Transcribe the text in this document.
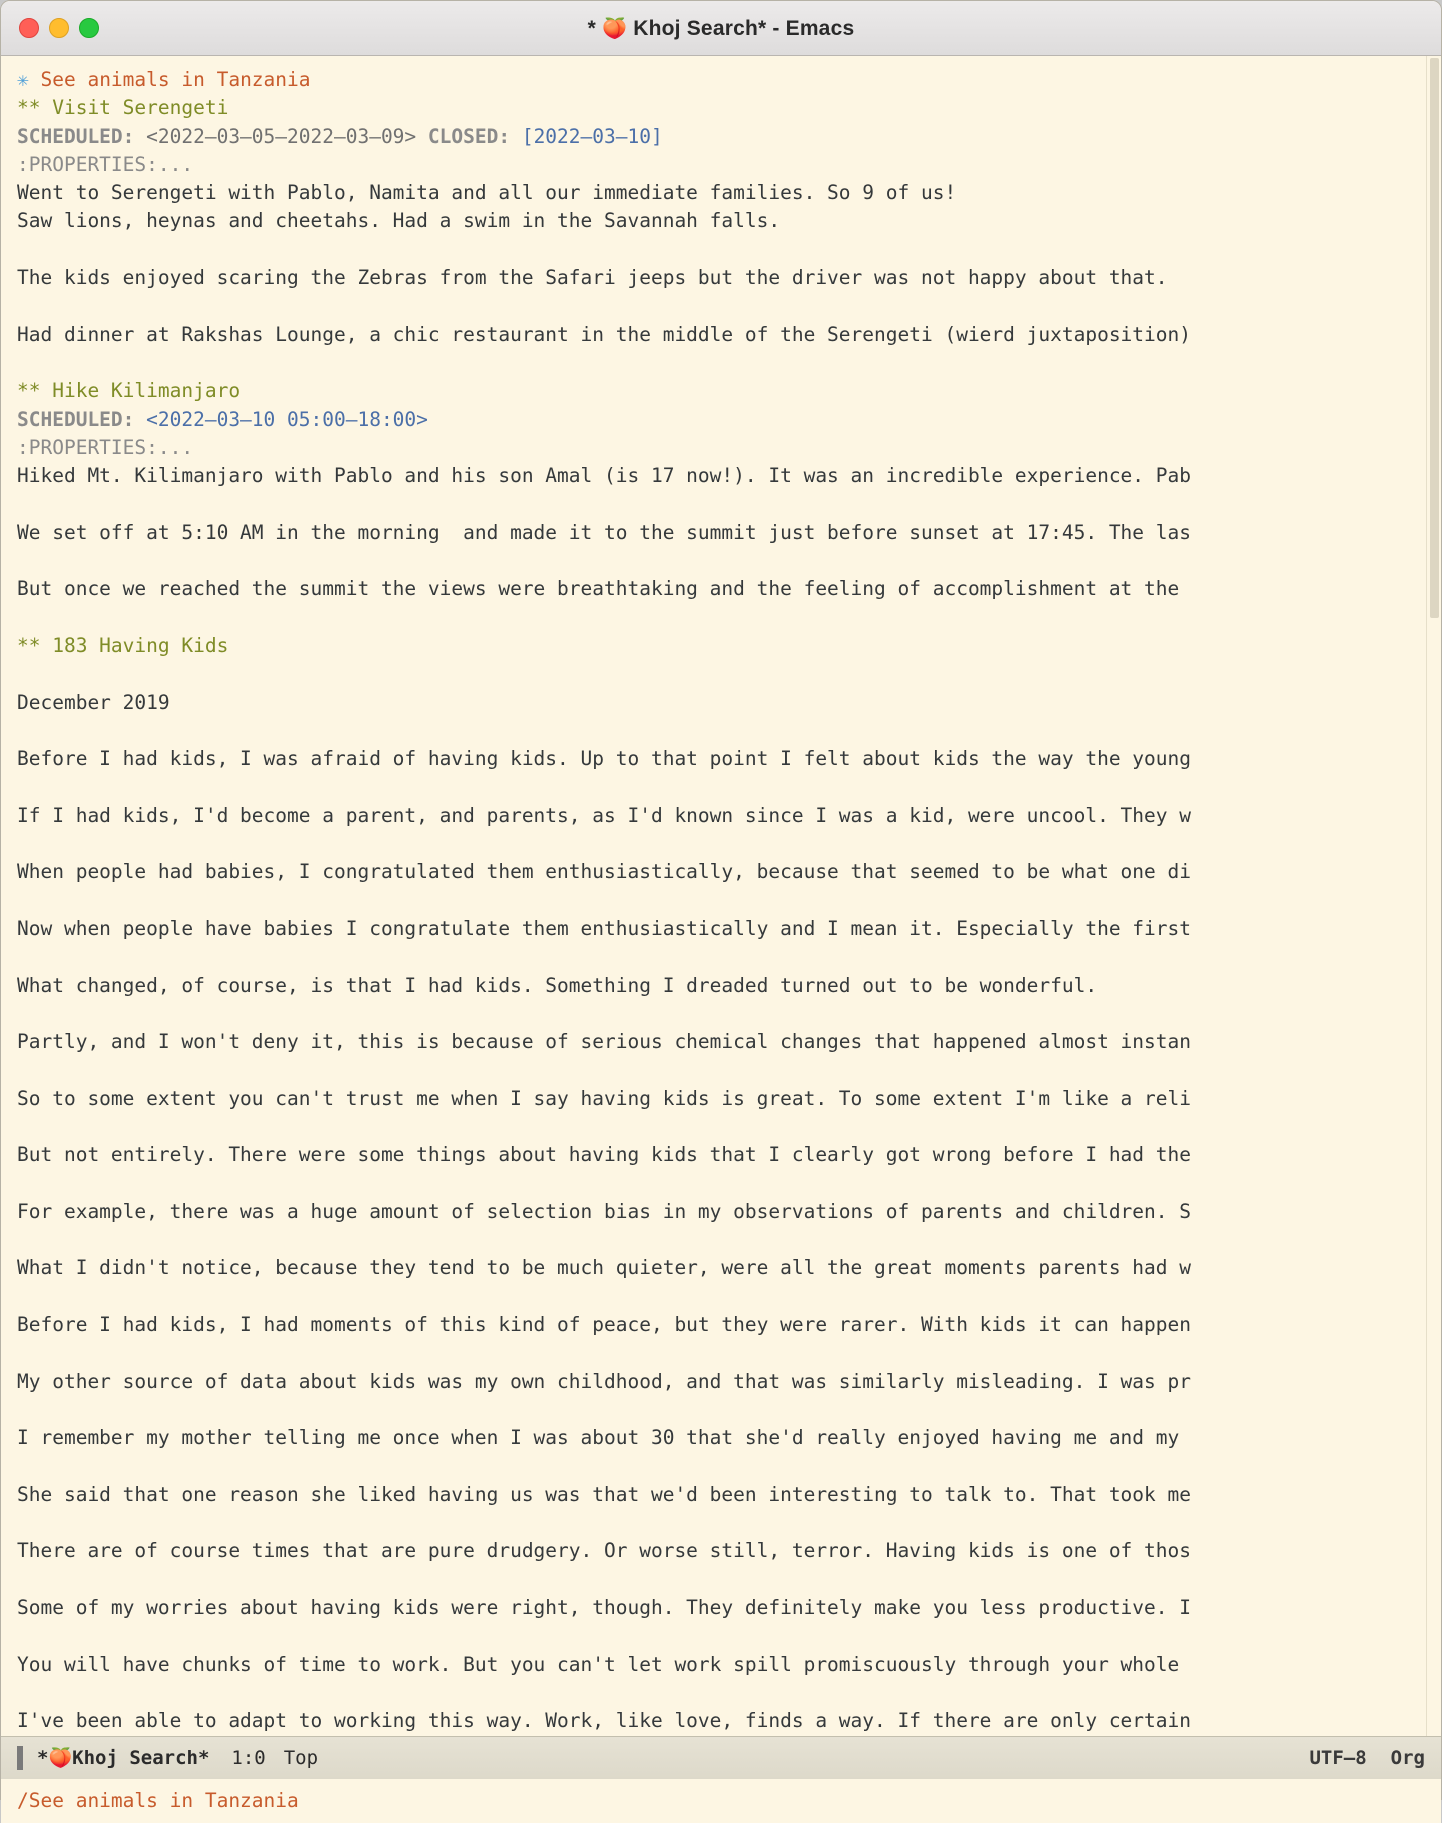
* 🍑 Khoj Search* - Emacs
✳ See animals in Tanzania
** Visit Serengeti
SCHEDULED: <2022–03–05–2022–03–09> CLOSED: [2022–03–10]
:PROPERTIES:...
Went to Serengeti with Pablo, Namita and all our immediate families. So 9 of us!
Saw lions, heynas and cheetahs. Had a swim in the Savannah falls.
The kids enjoyed scaring the Zebras from the Safari jeeps but the driver was not happy about that.
Had dinner at Rakshas Lounge, a chic restaurant in the middle of the Serengeti (wierd juxtaposition)
** Hike Kilimanjaro
SCHEDULED: <2022–03–10 05:00–18:00>
:PROPERTIES:...
Hiked Mt. Kilimanjaro with Pablo and his son Amal (is 17 now!). It was an incredible experience. Pab
We set off at 5:10 AM in the morning  and made it to the summit just before sunset at 17:45. The las
But once we reached the summit the views were breathtaking and the feeling of accomplishment at the
** 183 Having Kids
December 2019
Before I had kids, I was afraid of having kids. Up to that point I felt about kids the way the young
If I had kids, I'd become a parent, and parents, as I'd known since I was a kid, were uncool. They w
When people had babies, I congratulated them enthusiastically, because that seemed to be what one di
Now when people have babies I congratulate them enthusiastically and I mean it. Especially the first
What changed, of course, is that I had kids. Something I dreaded turned out to be wonderful.
Partly, and I won't deny it, this is because of serious chemical changes that happened almost instan
So to some extent you can't trust me when I say having kids is great. To some extent I'm like a reli
But not entirely. There were some things about having kids that I clearly got wrong before I had the
For example, there was a huge amount of selection bias in my observations of parents and children. S
What I didn't notice, because they tend to be much quieter, were all the great moments parents had w
Before I had kids, I had moments of this kind of peace, but they were rarer. With kids it can happen
My other source of data about kids was my own childhood, and that was similarly misleading. I was pr
I remember my mother telling me once when I was about 30 that she'd really enjoyed having me and my
She said that one reason she liked having us was that we'd been interesting to talk to. That took me
There are of course times that are pure drudgery. Or worse still, terror. Having kids is one of thos
Some of my worries about having kids were right, though. They definitely make you less productive. I
You will have chunks of time to work. But you can't let work spill promiscuously through your whole
I've been able to adapt to working this way. Work, like love, finds a way. If there are only certain
* 🍑 Khoj Search* 1:0 Top	UTF–8 Org
/See animals in Tanzania
